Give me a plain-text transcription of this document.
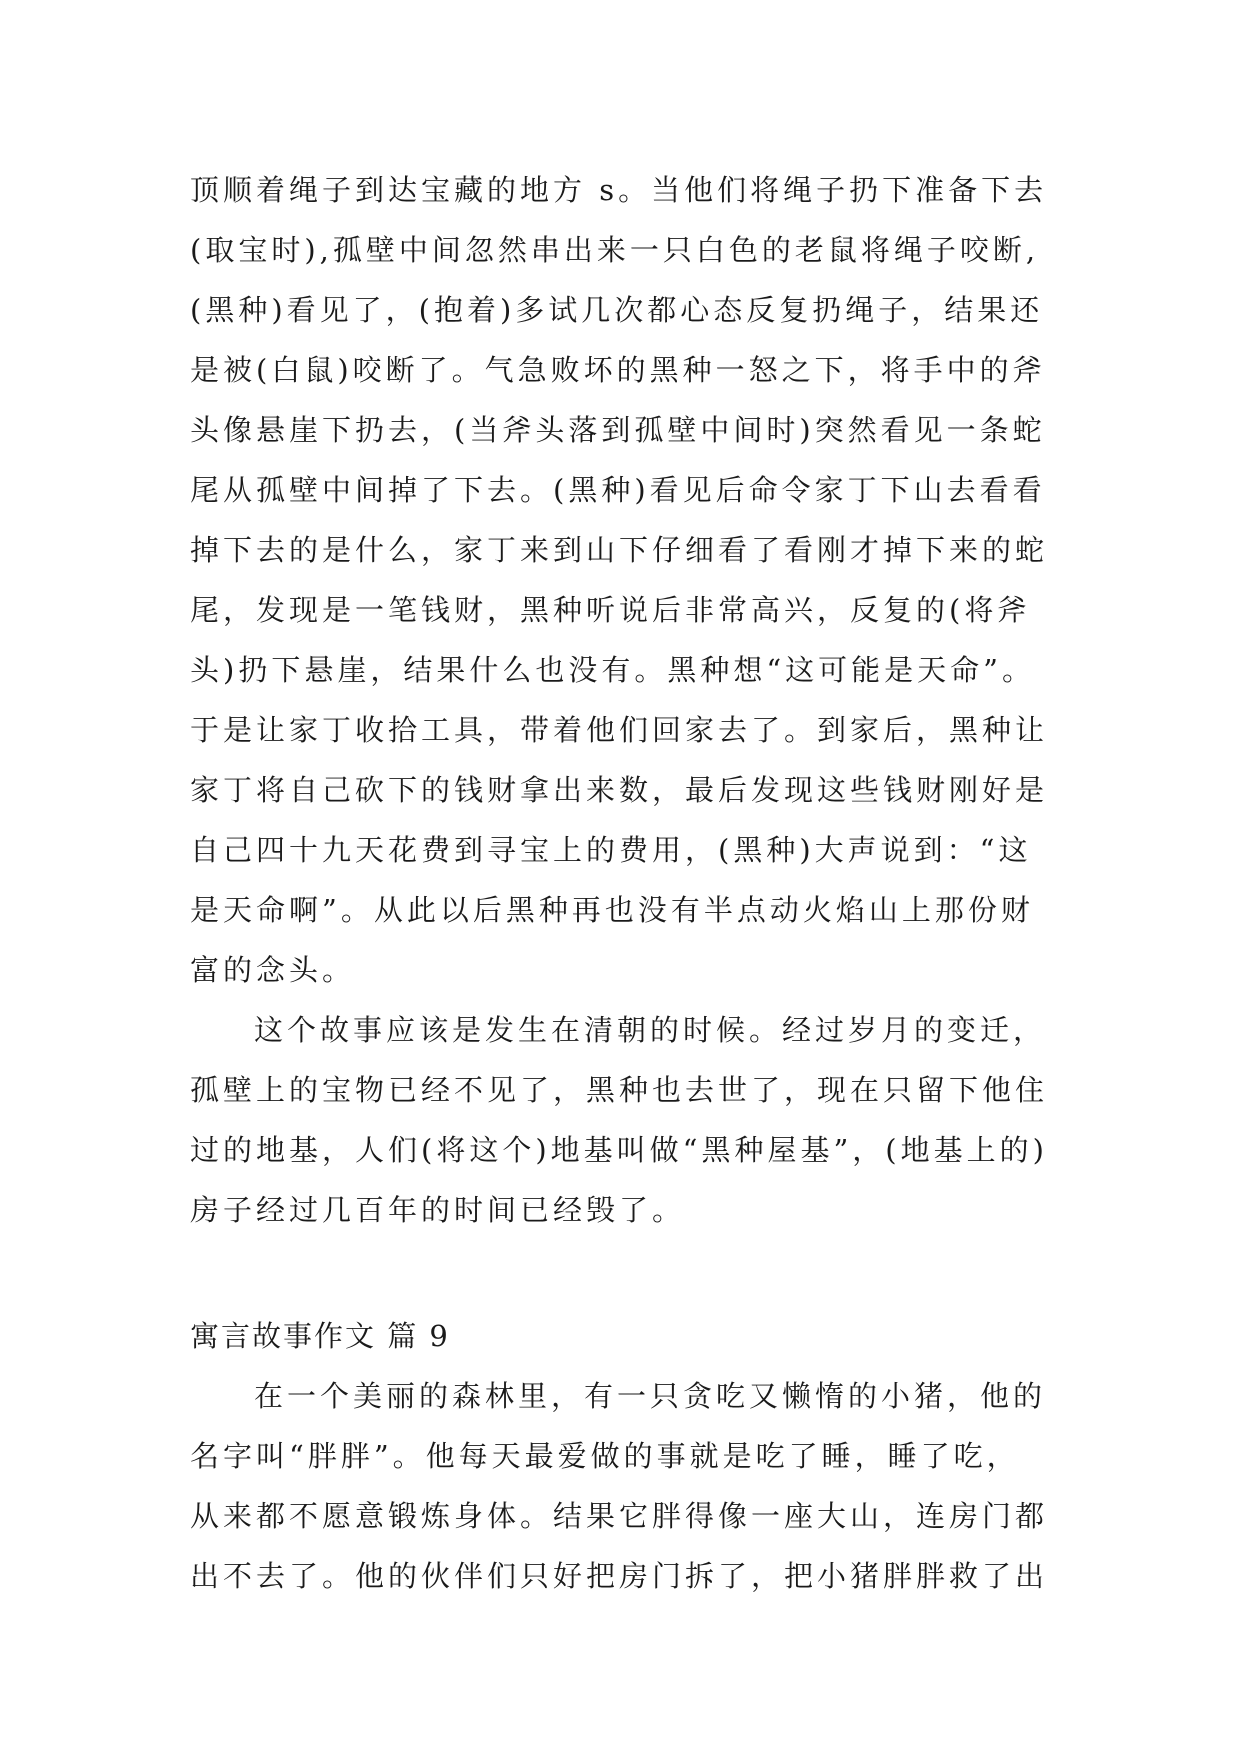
顶顺着绳子到达宝藏的地方 s。当他们将绳子扔下准备下去
(取宝时),孤壁中间忽然串出来一只白色的老鼠将绳子咬断,
(黑种)看见了，(抱着)多试几次都心态反复扔绳子，结果还
是被(白鼠)咬断了。气急败坏的黑种一怒之下，将手中的斧
头像悬崖下扔去，(当斧头落到孤壁中间时)突然看见一条蛇
尾从孤壁中间掉了下去。(黑种)看见后命令家丁下山去看看
掉下去的是什么，家丁来到山下仔细看了看刚才掉下来的蛇
尾，发现是一笔钱财，黑种听说后非常高兴，反复的(将斧
头)扔下悬崖，结果什么也没有。黑种想“这可能是天命”。
于是让家丁收拾工具，带着他们回家去了。到家后，黑种让
家丁将自己砍下的钱财拿出来数，最后发现这些钱财刚好是
自己四十九天花费到寻宝上的费用，(黑种)大声说到：“这
是天命啊”。从此以后黑种再也没有半点动火焰山上那份财
富的念头。
这个故事应该是发生在清朝的时候。经过岁月的变迁，
孤壁上的宝物已经不见了，黑种也去世了，现在只留下他住
过的地基，人们(将这个)地基叫做“黑种屋基”，(地基上的)
房子经过几百年的时间已经毁了。
寓言故事作文 篇 9
在一个美丽的森林里，有一只贪吃又懒惰的小猪，他的
名字叫“胖胖”。他每天最爱做的事就是吃了睡，睡了吃，
从来都不愿意锻炼身体。结果它胖得像一座大山，连房门都
出不去了。他的伙伴们只好把房门拆了，把小猪胖胖救了出
